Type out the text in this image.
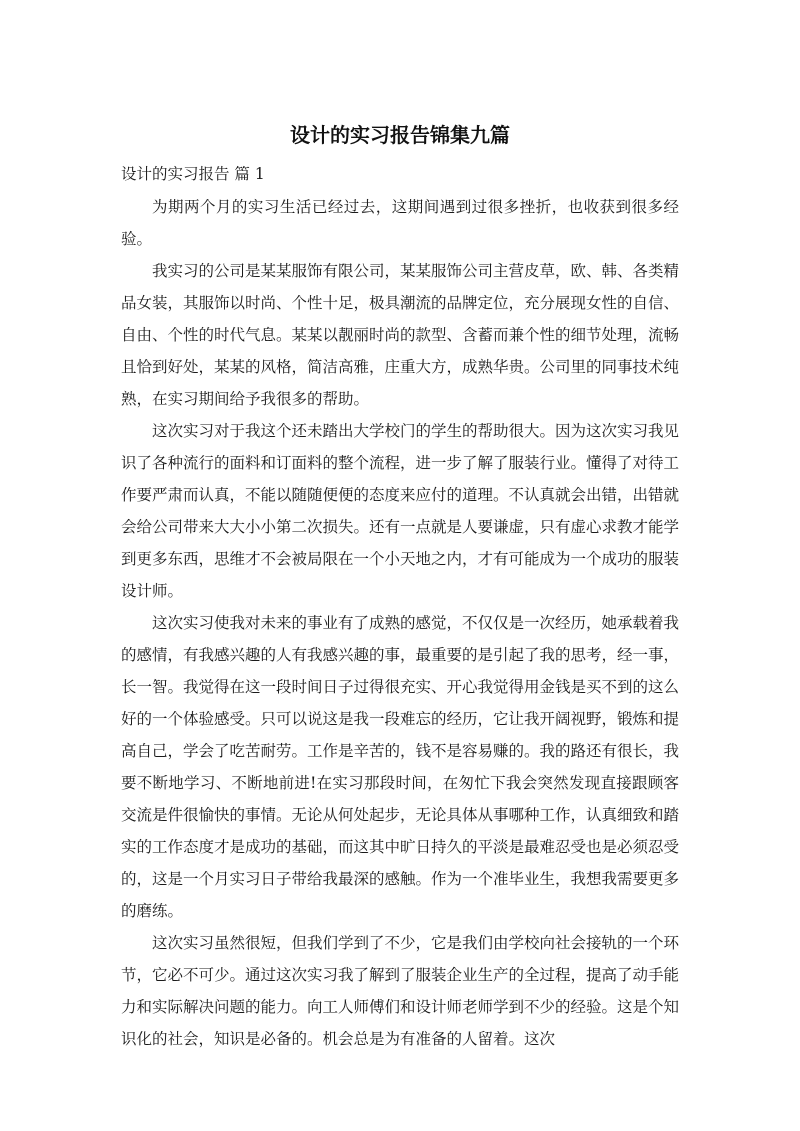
设计的实习报告锦集九篇
设计的实习报告 篇 1

为期两个月的实习生活已经过去，这期间遇到过很多挫折，也收获到很多经验。

我实习的公司是某某服饰有限公司，某某服饰公司主营皮草，欧、韩、各类精品女装，其服饰以时尚、个性十足，极具潮流的品牌定位，充分展现女性的自信、自由、个性的时代气息。某某以靓丽时尚的款型、含蓄而兼个性的细节处理，流畅且恰到好处，某某的风格，简洁高雅，庄重大方，成熟华贵。公司里的同事技术纯熟，在实习期间给予我很多的帮助。

这次实习对于我这个还未踏出大学校门的学生的帮助很大。因为这次实习我见识了各种流行的面料和订面料的整个流程，进一步了解了服装行业。懂得了对待工作要严肃而认真，不能以随随便便的态度来应付的道理。不认真就会出错，出错就会给公司带来大大小小第二次损失。还有一点就是人要谦虚，只有虚心求教才能学到更多东西，思维才不会被局限在一个小天地之内，才有可能成为一个成功的服装设计师。

这次实习使我对未来的事业有了成熟的感觉，不仅仅是一次经历，她承载着我的感情，有我感兴趣的人有我感兴趣的事，最重要的是引起了我的思考，经一事，长一智。我觉得在这一段时间日子过得很充实、开心我觉得用金钱是买不到的这么好的一个体验感受。只可以说这是我一段难忘的经历，它让我开阔视野，锻炼和提高自己，学会了吃苦耐劳。工作是辛苦的，钱不是容易赚的。我的路还有很长，我要不断地学习、不断地前进!在实习那段时间，在匆忙下我会突然发现直接跟顾客交流是件很愉快的事情。无论从何处起步，无论具体从事哪种工作，认真细致和踏实的工作态度才是成功的基础，而这其中旷日持久的平淡是最难忍受也是必须忍受的，这是一个月实习日子带给我最深的感触。作为一个准毕业生，我想我需要更多的磨练。

这次实习虽然很短，但我们学到了不少，它是我们由学校向社会接轨的一个环节，它必不可少。通过这次实习我了解到了服装企业生产的全过程，提高了动手能力和实际解决问题的能力。向工人师傅们和设计师老师学到不少的经验。这是个知识化的社会，知识是必备的。机会总是为有准备的人留着。这次
